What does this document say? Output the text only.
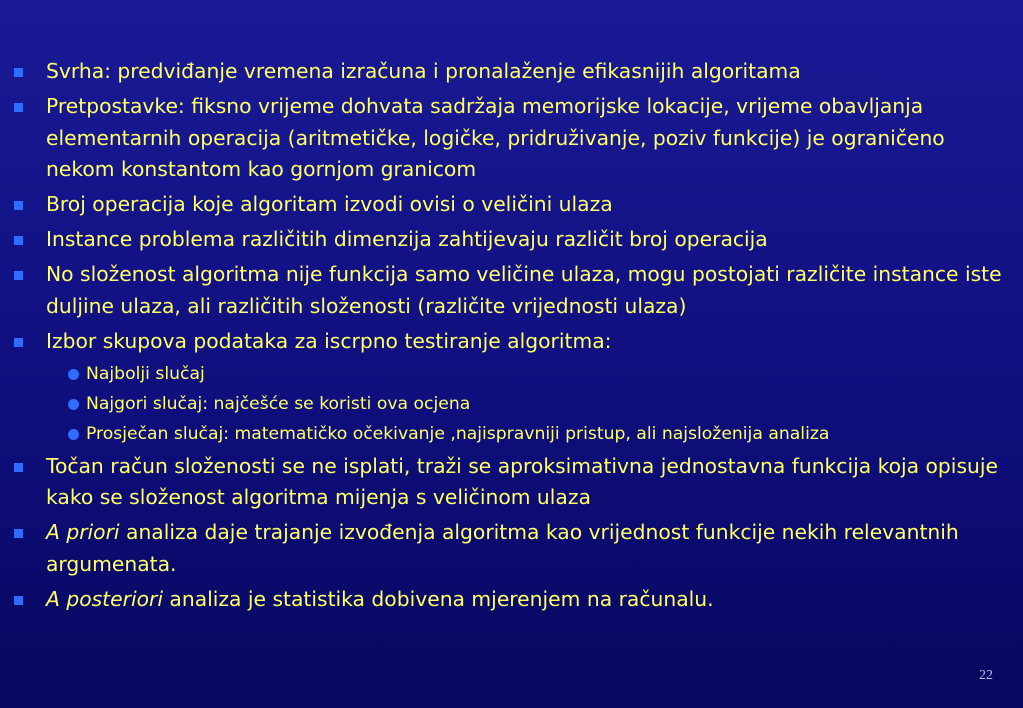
Svrha: predviđanje vremena izračuna i pronalaženje efikasnijih algoritama
Pretpostavke: fiksno vrijeme dohvata sadržaja memorijske lokacije, vrijeme obavljanja elementarnih operacija (aritmetičke, logičke, pridruživanje, poziv funkcije) je ograničeno nekom konstantom kao gornjom granicom
Broj operacija koje algoritam izvodi ovisi o veličini ulaza
Instance problema različitih dimenzija zahtijevaju različit broj operacija
No složenost algoritma nije funkcija samo veličine ulaza, mogu postojati različite instance iste duljine ulaza, ali različitih složenosti (različite vrijednosti ulaza)
Izbor skupova podataka za iscrpno testiranje algoritma:
Najbolji slučaj
Najgori slučaj: najčešće se koristi ova ocjena
Prosječan slučaj: matematičko očekivanje ,najispravniji pristup, ali najsloženija analiza
Točan račun složenosti se ne isplati, traži se aproksimativna jednostavna funkcija koja opisuje kako se složenost algoritma mijenja s veličinom ulaza
A priori analiza daje trajanje izvođenja algoritma kao vrijednost funkcije nekih relevantnih argumenata.
A posteriori analiza je statistika dobivena mjerenjem na računalu.
22
